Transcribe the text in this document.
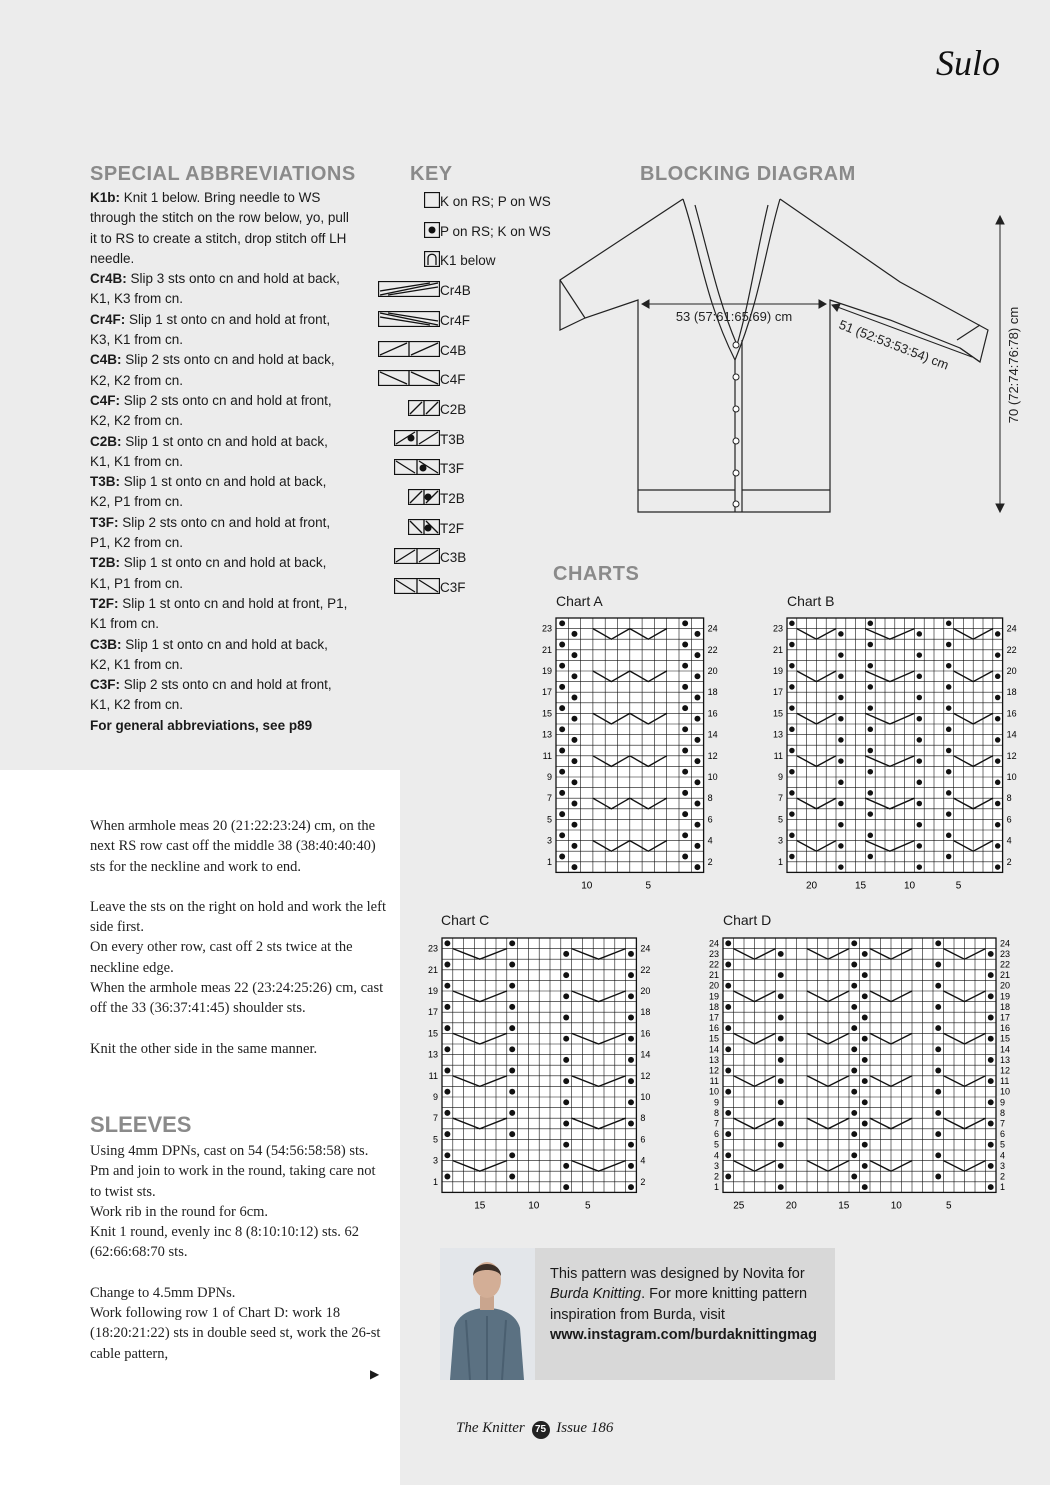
Sulo
SPECIAL ABBREVIATIONS

K1b: Knit 1 below. Bring needle to WS through the stitch on the row below, yo, pull it to RS to create a stitch, drop stitch off LH needle.

Cr4B: Slip 3 sts onto cn and hold at back, K1, K3 from cn.

Cr4F: Slip 1 st onto cn and hold at front, K3, K1 from cn.

C4B: Slip 2 sts onto cn and hold at back, K2, K2 from cn.

C4F: Slip 2 sts onto cn and hold at front, K2, K2 from cn.

C2B: Slip 1 st onto cn and hold at back, K1, K1 from cn.

T3B: Slip 1 st onto cn and hold at back, K2, P1 from cn.

T3F: Slip 2 sts onto cn and hold at front, P1, K2 from cn.

T2B: Slip 1 st onto cn and hold at back, K1, P1 from cn.

T2F: Slip 1 st onto cn and hold at front, P1, K1 from cn.

C3B: Slip 1 st onto cn and hold at back, K2, K1 from cn.

C3F: Slip 2 sts onto cn and hold at front, K1, K2 from cn.

For general abbreviations, see p89

KEY
K on RS; P on WS
P on RS; K on WS
K1 below
Cr4B
Cr4F
C4B
C4F
C2B
T3B
T3F
T2B
T2F
C3B
C3F
BLOCKING DIAGRAM
53 (57:61:65:69) cm
51 (52:53:53:54) cm	70 (72:74:76:78) cm
CHARTS
Chart A	Chart B
Chart C	Chart D
23
21
19
17
15
13
11
9
7
5
3
1
24
22
20
18
16
14
12
10
8
6
4
2
10	5
23
21
19
17
15
13
11
9
7
5
3
1
24
22
20
18
16
14
12
10
8
6
4
2
20	15	10	5
23
21
19
17
15
13
11
9
7
5
3
1
24
22
20
18
16
14
12
10
8
6
4
2
15	10	5
24
23
22
21
20
19
18
17
16
15
14
13
12
11
10
9
8
7
6
5
4
3
2
1
24
23
22
21
20
19
18
17
16
15
14
13
12
11
10
9
8
7
6
5
4
3
2
1
25	20	15	10	5

When armhole meas 20 (21:22:23:24) cm, on the next RS row cast off the middle 38 (38:40:40:40) sts for the neckline and work to end.

Leave the sts on the right on hold and work the left side first.
On every other row, cast off 2 sts twice at the neckline edge.

When the armhole meas 22 (23:24:25:26) cm, cast off the 33 (36:37:41:45) shoulder sts.

Knit the other side in the same manner.

SLEEVES
Using 4mm DPNs, cast on 54 (54:56:58:58) sts.
Pm and join to work in the round, taking care not to twist sts.
Work rib in the round for 6cm.

Knit 1 round, evenly inc 8 (8:10:10:12) sts. 62 (62:66:68:70 sts.

Change to 4.5mm DPNs.
Work following row 1 of Chart D: work 18 (18:20:21:22) sts in double seed st, work the 26-st cable pattern,
▶
This pattern was designed by Novita for Burda Knitting. For more knitting pattern inspiration from Burda, visit www.instagram.com/burdaknittingmag
The Knitter 75 Issue 186
